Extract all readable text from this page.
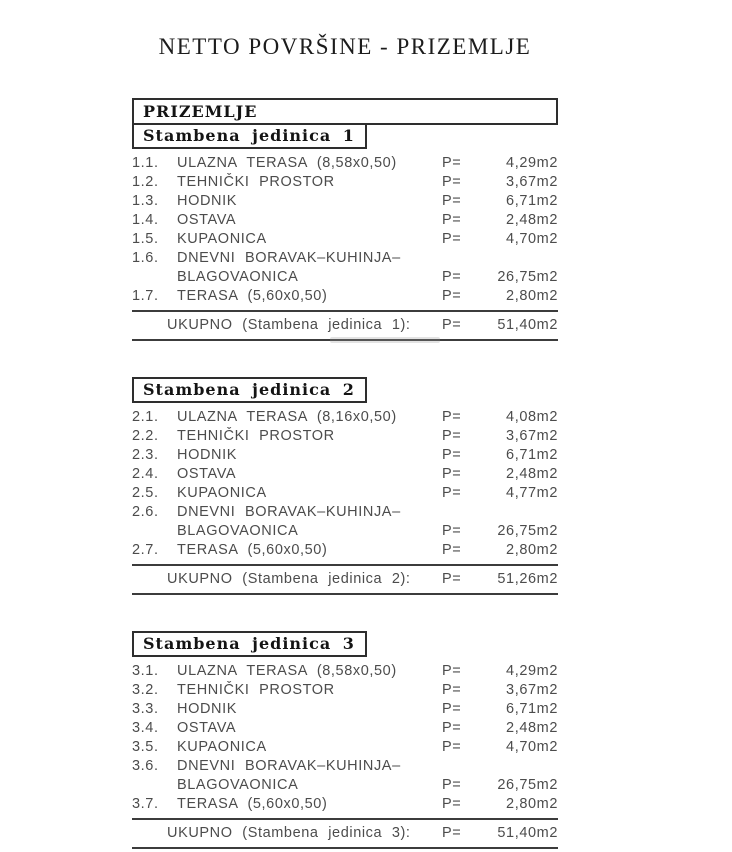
NETTO POVRŠINE - PRIZEMLJE
PRIZEMLJE
Stambena jedinica 1
1.1.	ULAZNA TERASA (8,58x0,50)	P=	4,29m2
1.2.	TEHNIČKI PROSTOR	P=	3,67m2
1.3.	HODNIK	P=	6,71m2
1.4.	OSTAVA	P=	2,48m2
1.5.	KUPAONICA	P=	4,70m2
1.6.	DNEVNI BORAVAK–KUHINJA–
BLAGOVAONICA	P=	26,75m2
1.7.	TERASA (5,60x0,50)	P=	2,80m2
UKUPNO (Stambena jedinica 1):	P=	51,40m2
Stambena jedinica 2
2.1.	ULAZNA TERASA (8,16x0,50)	P=	4,08m2
2.2.	TEHNIČKI PROSTOR	P=	3,67m2
2.3.	HODNIK	P=	6,71m2
2.4.	OSTAVA	P=	2,48m2
2.5.	KUPAONICA	P=	4,77m2
2.6.	DNEVNI BORAVAK–KUHINJA–
BLAGOVAONICA	P=	26,75m2
2.7.	TERASA (5,60x0,50)	P=	2,80m2
UKUPNO (Stambena jedinica 2):	P=	51,26m2
Stambena jedinica 3
3.1.	ULAZNA TERASA (8,58x0,50)	P=	4,29m2
3.2.	TEHNIČKI PROSTOR	P=	3,67m2
3.3.	HODNIK	P=	6,71m2
3.4.	OSTAVA	P=	2,48m2
3.5.	KUPAONICA	P=	4,70m2
3.6.	DNEVNI BORAVAK–KUHINJA–
BLAGOVAONICA	P=	26,75m2
3.7.	TERASA (5,60x0,50)	P=	2,80m2
UKUPNO (Stambena jedinica 3):	P=	51,40m2
